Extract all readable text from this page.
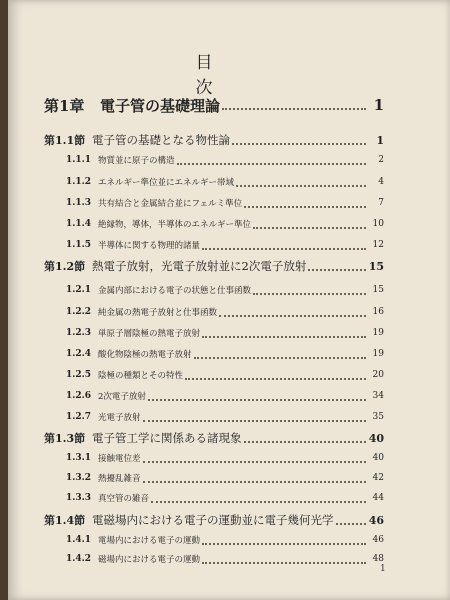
目　次
第1章	電子管の基礎理論	1
第1.1節 電子管の基礎となる物性論	1
1.1.1 物質並に原子の構造	2
1.1.2 エネルギー準位並にエネルギー帯域	4
1.1.3 共有結合と金属結合並にフェルミ準位	7
1.1.4 絶縁物，導体，半導体のエネルギー準位	10
1.1.5 半導体に関する物理的諸量	12
第1.2節 熱電子放射，光電子放射並に2次電子放射	15
1.2.1 金属内部における電子の状態と仕事函数	15
1.2.2 純金属の熱電子放射と仕事函数	16
1.2.3 単原子層陰極の熱電子放射	19
1.2.4 酸化物陰極の熱電子放射	19
1.2.5 陰極の種類とその特性	20
1.2.6 2次電子放射	34
1.2.7 光電子放射	35
第1.3節 電子管工学に関係ある諸現象	40
1.3.1 接触電位差	40
1.3.2 熱擾乱雑音	42
1.3.3 真空管の雑音	44
第1.4節 電磁場内における電子の運動並に電子幾何光学	46
1.4.1 電場内における電子の運動	46
1.4.2 磁場内における電子の運動	48
1
